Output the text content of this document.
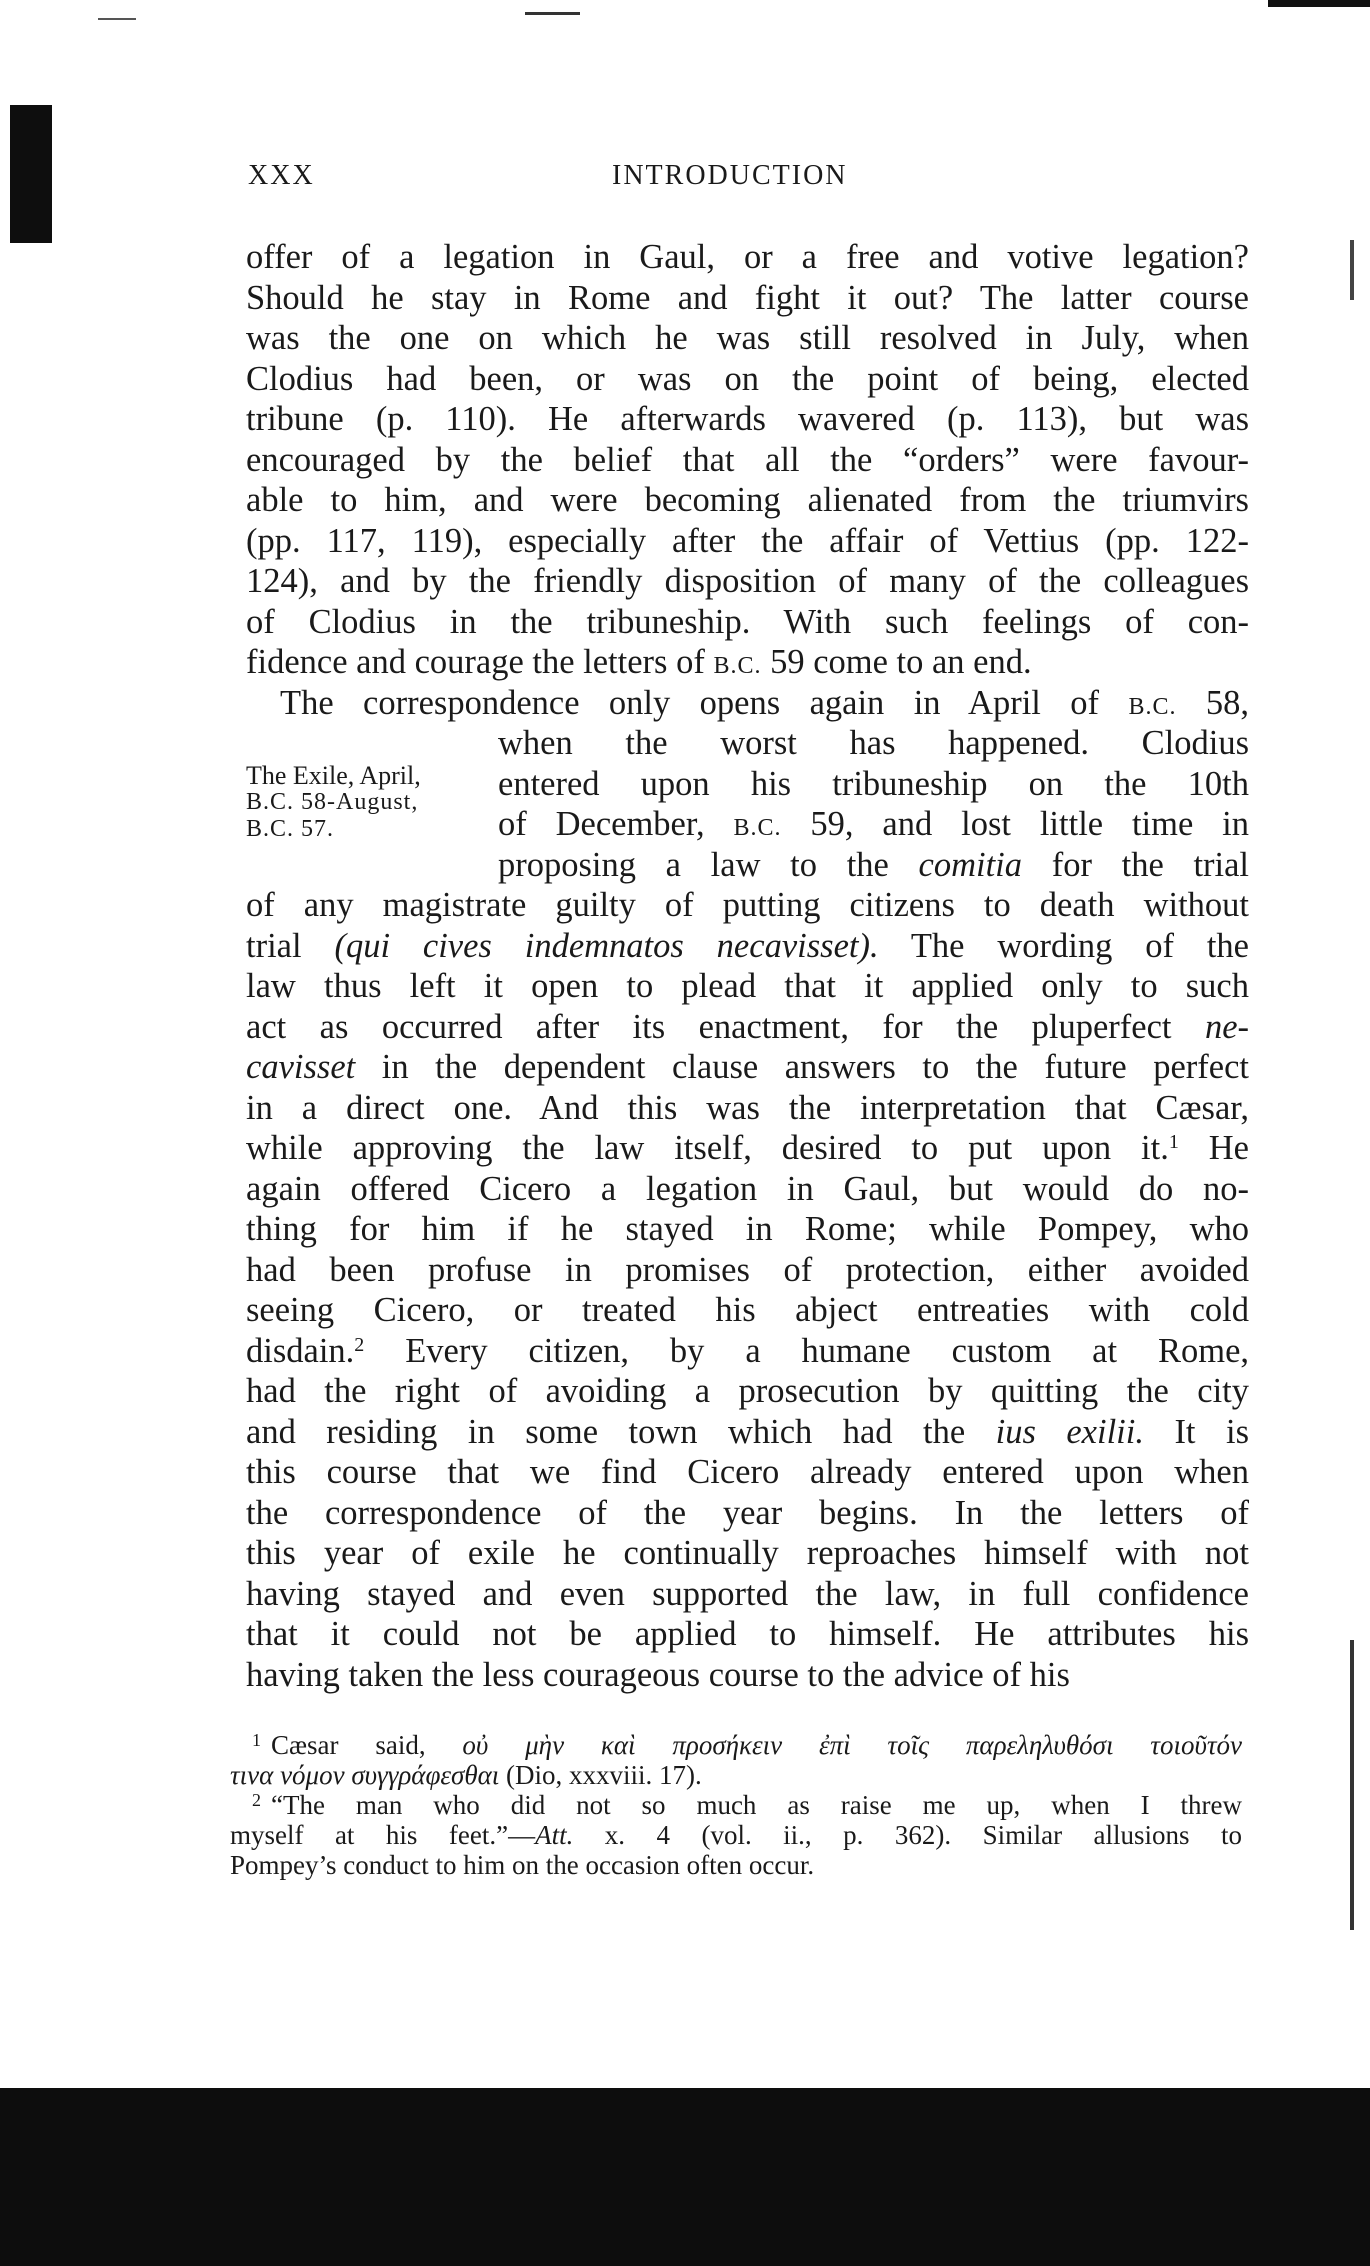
XXX	INTRODUCTION
offer of a legation in Gaul, or a free and votive legation?
Should he stay in Rome and fight it out? The latter course
was the one on which he was still resolved in July, when
Clodius had been, or was on the point of being, elected
tribune (p. 110). He afterwards wavered (p. 113), but was
encouraged by the belief that all the “orders” were favour-
able to him, and were becoming alienated from the triumvirs
(pp. 117, 119), especially after the affair of Vettius (pp. 122-
124), and by the friendly disposition of many of the colleagues
of Clodius in the tribuneship. With such feelings of con-
fidence and courage the letters of B.C. 59 come to an end.
The correspondence only opens again in April of B.C. 58,
The Exile, April,
B.C. 58-August,
B.C. 57.
when the worst has happened. Clodius
entered upon his tribuneship on the 10th
of December, B.C. 59, and lost little time in
proposing a law to the comitia for the trial
of any magistrate guilty of putting citizens to death without
trial (qui cives indemnatos necavisset). The wording of the
law thus left it open to plead that it applied only to such
act as occurred after its enactment, for the pluperfect ne-
cavisset in the dependent clause answers to the future perfect
in a direct one. And this was the interpretation that Cæsar,
while approving the law itself, desired to put upon it.$^1$ He
again offered Cicero a legation in Gaul, but would do no-
thing for him if he stayed in Rome; while Pompey, who
had been profuse in promises of protection, either avoided
seeing Cicero, or treated his abject entreaties with cold
disdain.$^2$ Every citizen, by a humane custom at Rome,
had the right of avoiding a prosecution by quitting the city
and residing in some town which had the ius exilii. It is
this course that we find Cicero already entered upon when
the correspondence of the year begins. In the letters of
this year of exile he continually reproaches himself with not
having stayed and even supported the law, in full confidence
that it could not be applied to himself. He attributes his
having taken the less courageous course to the advice of his
$^1$ Cæsar said, οὐ μὴν καὶ προσήκειν ἐπὶ τοῖς παρεληλυθόσι τοιοῦτόν
τινα νόμον συγγράφεσθαι (Dio, xxxviii. 17).
$^2$ “The man who did not so much as raise me up, when I threw
myself at his feet.”—Att. x. 4 (vol. ii., p. 362). Similar allusions to
Pompey’s conduct to him on the occasion often occur.
